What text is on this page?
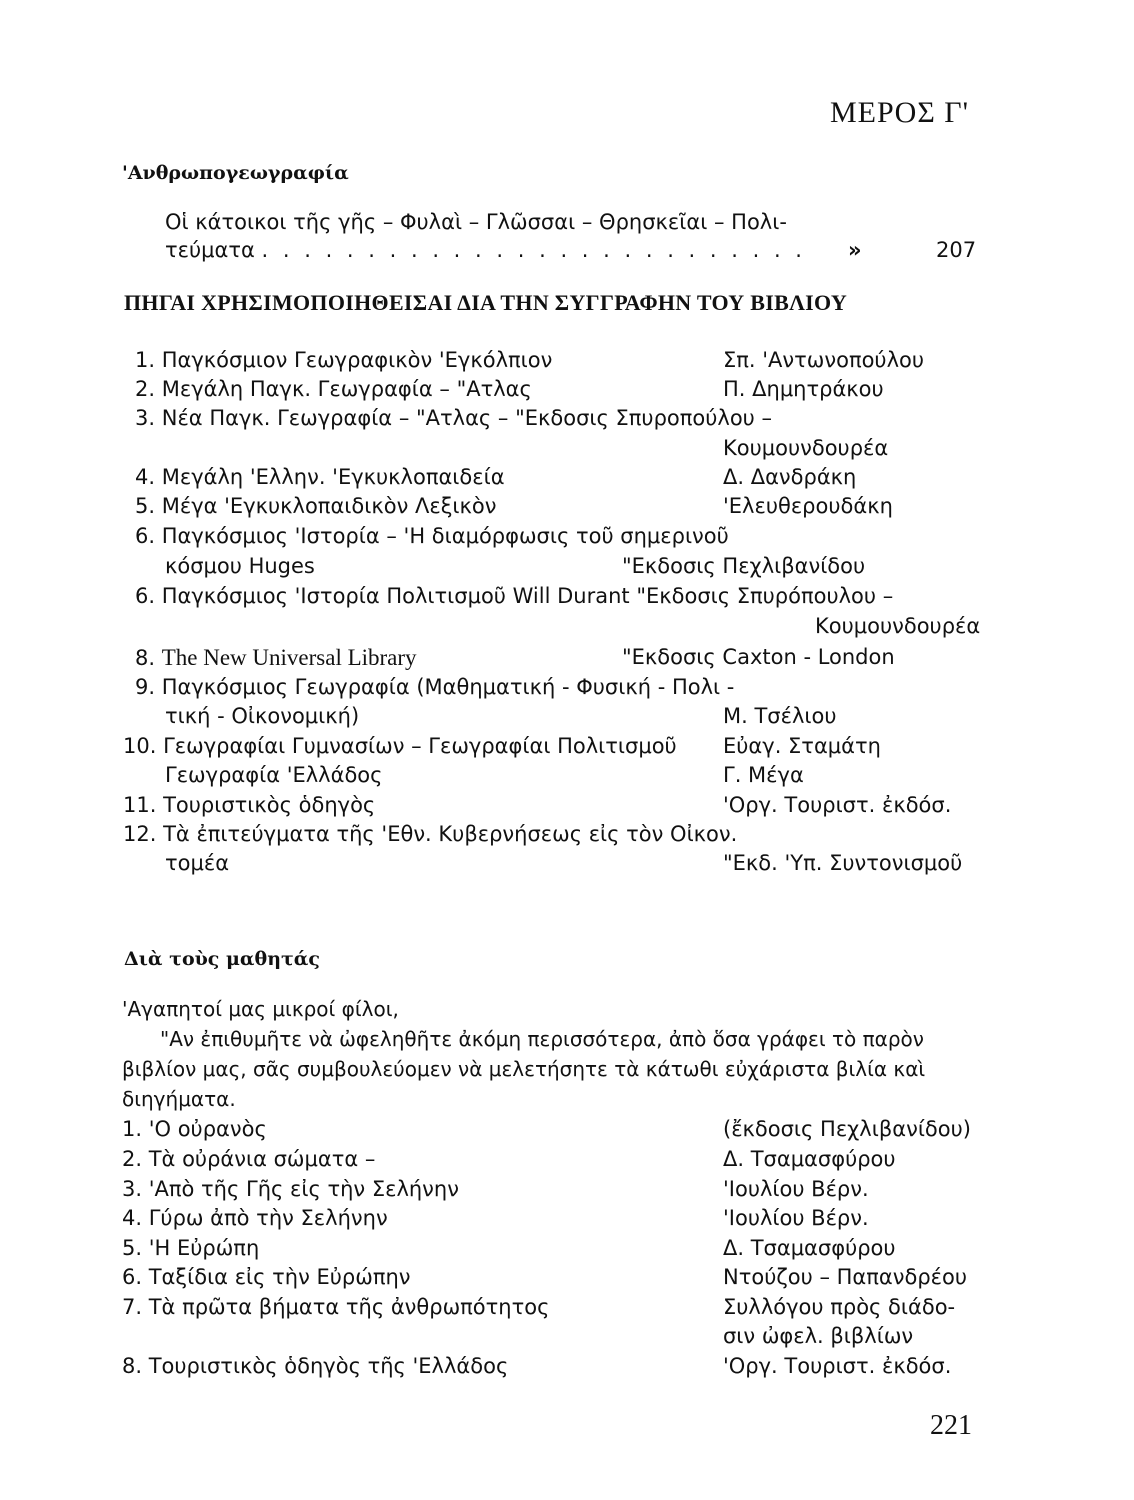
ΜΕΡΟΣ Γ'
'Ανθρωπογεωγραφία
Οἱ κάτοικοι τῆς γῆς – Φυλαὶ – Γλῶσσαι – Θρησκεῖαι – Πολι-
τεύματα . . . . . . . . . . . . . . . . . . . . . . . . . . »	207
ΠΗΓΑΙ ΧΡΗΣΙΜΟΠΟΙΗΘΕΙΣΑΙ ΔΙΑ ΤΗΝ ΣΥΓΓΡΑΦΗΝ ΤΟΥ ΒΙΒΛΙΟΥ
1. Παγκόσμιον Γεωγραφικὸν 'Εγκόλπιον	Σπ. 'Αντωνοπούλου
2. Μεγάλη Παγκ. Γεωγραφία – "Ατλας	Π. Δημητράκου
3. Νέα Παγκ. Γεωγραφία – "Ατλας – "Εκδοσις Σπυροπούλου –
Κουμουνδουρέα
4. Μεγάλη 'Ελλην. 'Εγκυκλοπαιδεία	Δ. Δανδράκη
5. Μέγα 'Εγκυκλοπαιδικὸν Λεξικὸν	'Ελευθερουδάκη
6. Παγκόσμιος 'Ιστορία – 'Η διαμόρφωσις τοῦ σημερινοῦ
κόσμου Huges	"Εκδοσις Πεχλιβανίδου
6. Παγκόσμιος 'Ιστορία Πολιτισμοῦ Will Durant "Εκδοσις Σπυρόπουλου –
Κουμουνδουρέα
8. The New Universal Library	"Εκδοσις Caxton - London
9. Παγκόσμιος Γεωγραφία (Μαθηματική - Φυσική - Πολι -
τική - Οἰκονομική)	Μ. Τσέλιου
10. Γεωγραφίαι Γυμνασίων – Γεωγραφίαι Πολιτισμοῦ Εὐαγ. Σταμάτη
Γεωγραφία 'Ελλάδος	Γ. Μέγα
11. Τουριστικὸς ὁδηγὸς	'Οργ. Τουριστ. ἐκδόσ.
12. Τὰ ἐπιτεύγματα τῆς 'Εθν. Κυβερνήσεως εἰς τὸν Οἰκον.
τομέα	"Εκδ. 'Υπ. Συντονισμοῦ
Διὰ τοὺς μαθητάς
'Αγαπητοί μας μικροί φίλοι,
"Αν ἐπιθυμῆτε νὰ ὠφεληθῆτε ἀκόμη περισσότερα, ἀπὸ ὅσα γράφει τὸ παρὸν
βιβλίον μας, σᾶς συμβουλεύομεν νὰ μελετήσητε τὰ κάτωθι εὐχάριστα βιλία καὶ
διηγήματα.
1. 'Ο οὐρανὸς	(ἔκδοσις Πεχλιβανίδου)
2. Τὰ οὐράνια σώματα –	Δ. Τσαμασφύρου
3. 'Απὸ τῆς Γῆς εἰς τὴν Σελήνην	'Ιουλίου Βέρν.
4. Γύρω ἀπὸ τὴν Σελήνην	'Ιουλίου Βέρν.
5. 'Η Εὐρώπη	Δ. Τσαμασφύρου
6. Ταξίδια εἰς τὴν Εὐρώπην	Ντούζου – Παπανδρέου
7. Τὰ πρῶτα βήματα τῆς ἀνθρωπότητος	Συλλόγου πρὸς διάδο-
σιν ὠφελ. βιβλίων
8. Τουριστικὸς ὁδηγὸς τῆς 'Ελλάδος	'Οργ. Τουριστ. ἐκδόσ.
221
